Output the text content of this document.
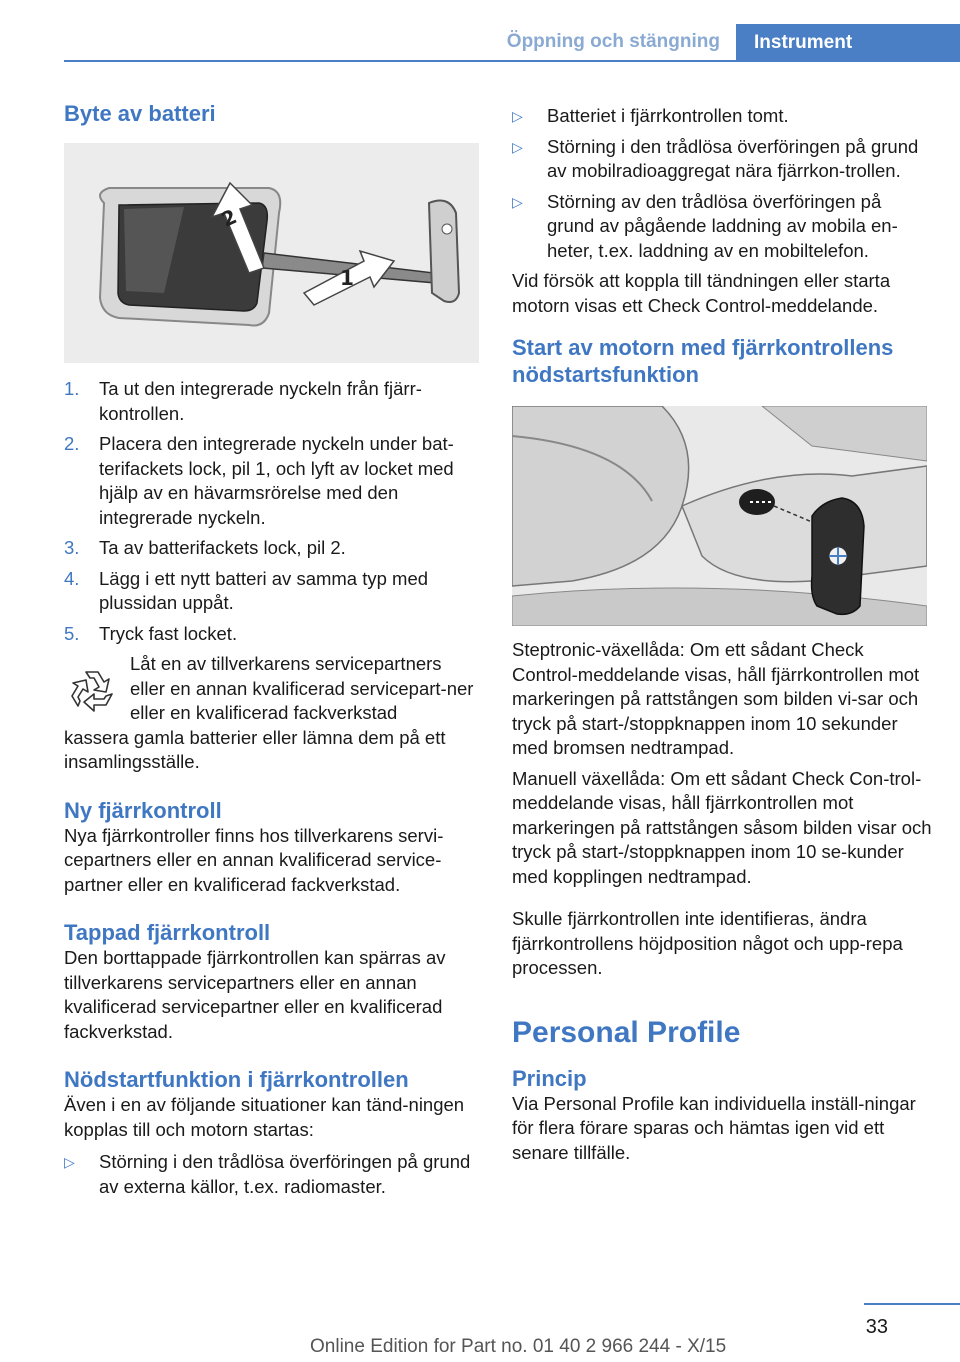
Öppning och stängning	Instrument
Byte av batteri
1
2
1.	Ta ut den integrerade nyckeln från fjärr-kontrollen.
2.	Placera den integrerade nyckeln under bat-terifackets lock, pil 1, och lyft av locket med hjälp av en hävarmsrörelse med den integrerade nyckeln.
3.	Ta av batterifackets lock, pil 2.
4.	Lägg i ett nytt batteri av samma typ med plussidan uppåt.
5.	Tryck fast locket.

Låt en av tillverkarens servicepartners eller en annan kvalificerad servicepart-ner eller en kvalificerad fackverkstad

kassera gamla batterier eller lämna dem på ett insamlingsställe.

Ny fjärrkontroll

Nya fjärrkontroller finns hos tillverkarens servi-cepartners eller en annan kvalificerad service-partner eller en kvalificerad fackverkstad.

Tappad fjärrkontroll

Den borttappade fjärrkontrollen kan spärras av tillverkarens servicepartners eller en annan kvalificerad servicepartner eller en kvalificerad fackverkstad.

Nödstartfunktion i fjärrkontrollen

Även i en av följande situationer kan tänd-ningen kopplas till och motorn startas:

▷	Störning i den trådlösa överföringen på grund av externa källor, t.ex. radiomaster.
▷	Batteriet i fjärrkontrollen tomt.
▷	Störning i den trådlösa överföringen på grund av mobilradioaggregat nära fjärrkon-trollen.
▷	Störning av den trådlösa överföringen på grund av pågående laddning av mobila en-heter, t.ex. laddning av en mobiltelefon.

Vid försök att koppla till tändningen eller starta motorn visas ett Check Control-meddelande.

Start av motorn med fjärrkontrollens nödstartsfunktion

Steptronic-växellåda: Om ett sådant Check Control-meddelande visas, håll fjärrkontrollen mot markeringen på rattstången som bilden vi-sar och tryck på start-/stoppknappen inom 10 sekunder med bromsen nedtrampad.

Manuell växellåda: Om ett sådant Check Con-trol-meddelande visas, håll fjärrkontrollen mot markeringen på rattstången såsom bilden visar och tryck på start-/stoppknappen inom 10 se-kunder med kopplingen nedtrampad.

Skulle fjärrkontrollen inte identifieras, ändra fjärrkontrollens höjdposition något och upp-repa processen.

Personal Profile
Princip

Via Personal Profile kan individuella inställ-ningar för flera förare sparas och hämtas igen vid ett senare tillfälle.

33
Online Edition for Part no. 01 40 2 966 244 - X/15
